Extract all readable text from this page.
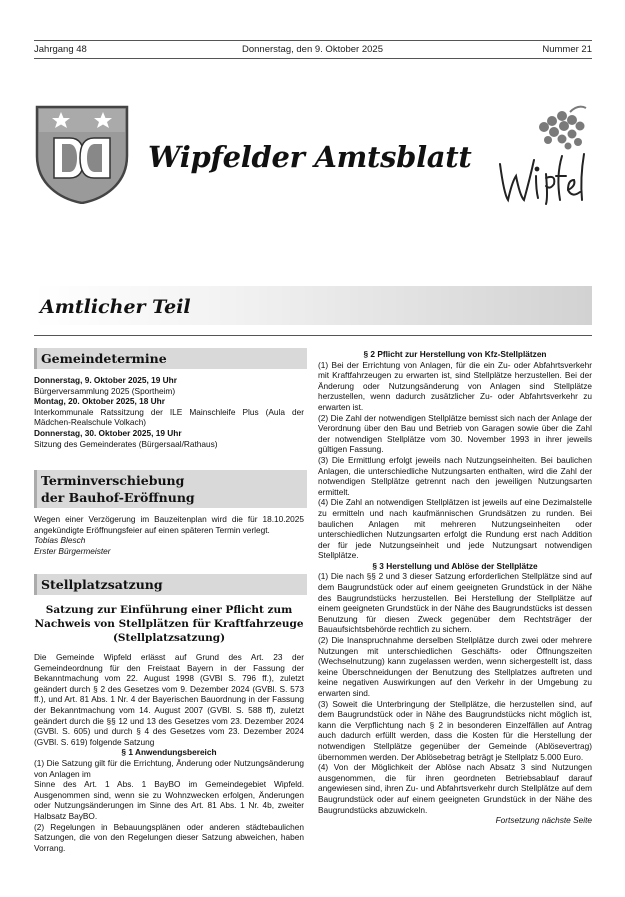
Jahrgang 48	Donnerstag, den 9. Oktober 2025	Nummer 21
Wipfelder Amtsblatt
Amtlicher Teil
Gemeindetermine

Donnerstag, 9. Oktober 2025, 19 Uhr

Bürgerversammlung 2025 (Sportheim)

Montag, 20. Oktober 2025, 18 Uhr

Interkommunale Ratssitzung der ILE Mainschleife Plus (Aula der Mädchen-Realschule Volkach)

Donnerstag, 30. Oktober 2025, 19 Uhr

Sitzung des Gemeinderates (Bürgersaal/Rathaus)

Terminverschiebung
der Bauhof-Eröffnung

Wegen einer Verzögerung im Bauzeitenplan wird die für 18.10.2025 angekündigte Eröffnungsfeier auf einen späteren Termin verlegt.

Tobias Blesch

Erster Bürgermeister

Stellplatzsatzung
Satzung zur Einführung einer Pflicht zum
Nachweis von Stellplätzen für Kraftfahrzeuge
(Stellplatzsatzung)

Die Gemeinde Wipfeld erlässt auf Grund des Art. 23 der Gemeindeordnung für den Freistaat Bayern in der Fassung der Bekanntmachung vom 22. August 1998 (GVBl S. 796 ff.), zuletzt geändert durch § 2 des Gesetzes vom 9. Dezember 2024 (GVBl. S. 573 ff.), und Art. 81 Abs. 1 Nr. 4 der Bayerischen Bauordnung in der Fassung der Bekanntmachung vom 14. August 2007 (GVBl. S. 588 ff), zuletzt geändert durch die §§ 12 und 13 des Gesetzes vom 23. Dezember 2024 (GVBl. S. 605) und durch § 4 des Gesetzes vom 23. Dezember 2024 (GVBl. S. 619) folgende Satzung

§ 1 Anwendungsbereich

(1) Die Satzung gilt für die Errichtung, Änderung oder Nutzungsänderung von Anlagen im

Sinne des Art. 1 Abs. 1 BayBO im Gemeindegebiet Wipfeld. Ausgenommen sind, wenn sie zu Wohnzwecken erfolgen, Änderungen oder Nutzungsänderungen im Sinne des Art. 81 Abs. 1 Nr. 4b, zweiter Halbsatz BayBO.

(2) Regelungen in Bebauungsplänen oder anderen städtebaulichen Satzungen, die von den Regelungen dieser Satzung abweichen, haben Vorrang.

§ 2 Pflicht zur Herstellung von Kfz-Stellplätzen

(1) Bei der Errichtung von Anlagen, für die ein Zu- oder Abfahrtsverkehr mit Kraftfahrzeugen zu erwarten ist, sind Stellplätze herzustellen. Bei der Änderung oder Nutzungsänderung von Anlagen sind Stellplätze herzustellen, wenn dadurch zusätzlicher Zu- oder Abfahrtsverkehr zu erwarten ist.

(2) Die Zahl der notwendigen Stellplätze bemisst sich nach der Anlage der Verordnung über den Bau und Betrieb von Garagen sowie über die Zahl der notwendigen Stellplätze vom 30. November 1993 in ihrer jeweils gültigen Fassung.

(3) Die Ermittlung erfolgt jeweils nach Nutzungseinheiten. Bei baulichen Anlagen, die unterschiedliche Nutzungsarten enthalten, wird die Zahl der notwendigen Stellplätze getrennt nach den jeweiligen Nutzungsarten ermittelt.

(4) Die Zahl an notwendigen Stellplätzen ist jeweils auf eine Dezimalstelle zu ermitteln und nach kaufmännischen Grundsätzen zu runden. Bei baulichen Anlagen mit mehreren Nutzungseinheiten oder unterschiedlichen Nutzungsarten erfolgt die Rundung erst nach Addition der für jede Nutzungseinheit und jede Nutzungsart notwendigen Stellplätze.

§ 3 Herstellung und Ablöse der Stellplätze

(1) Die nach §§ 2 und 3 dieser Satzung erforderlichen Stellplätze sind auf dem Baugrundstück oder auf einem geeigneten Grundstück in der Nähe des Baugrundstücks herzustellen. Bei Herstellung der Stellplätze auf einem geeigneten Grundstück in der Nähe des Baugrundstücks ist dessen Benutzung für diesen Zweck gegenüber dem Rechtsträger der Bauaufsichtsbehörde rechtlich zu sichern.

(2) Die Inanspruchnahme derselben Stellplätze durch zwei oder mehrere Nutzungen mit unterschiedlichen Geschäfts- oder Öffnungszeiten (Wechselnutzung) kann zugelassen werden, wenn sichergestellt ist, dass keine Überschneidungen der Benutzung des Stellplatzes auftreten und keine negativen Auswirkungen auf den Verkehr in der Umgebung zu erwarten sind.

(3) Soweit die Unterbringung der Stellplätze, die herzustellen sind, auf dem Baugrundstück oder in Nähe des Baugrundstücks nicht möglich ist, kann die Verpflichtung nach § 2 in besonderen Einzelfällen auf Antrag auch dadurch erfüllt werden, dass die Kosten für die Herstellung der notwendigen Stellplätze gegenüber der Gemeinde (Ablösevertrag) übernommen werden. Der Ablösebetrag beträgt je Stellplatz 5.000 Euro.

(4) Von der Möglichkeit der Ablöse nach Absatz 3 sind Nutzungen ausgenommen, die für ihren geordneten Betriebsablauf darauf angewiesen sind, ihren Zu- und Abfahrtsverkehr durch Stellplätze auf dem Baugrundstück oder auf einem geeigneten Grundstück in der Nähe des Baugrundstücks abzuwickeln.

Fortsetzung nächste Seite
